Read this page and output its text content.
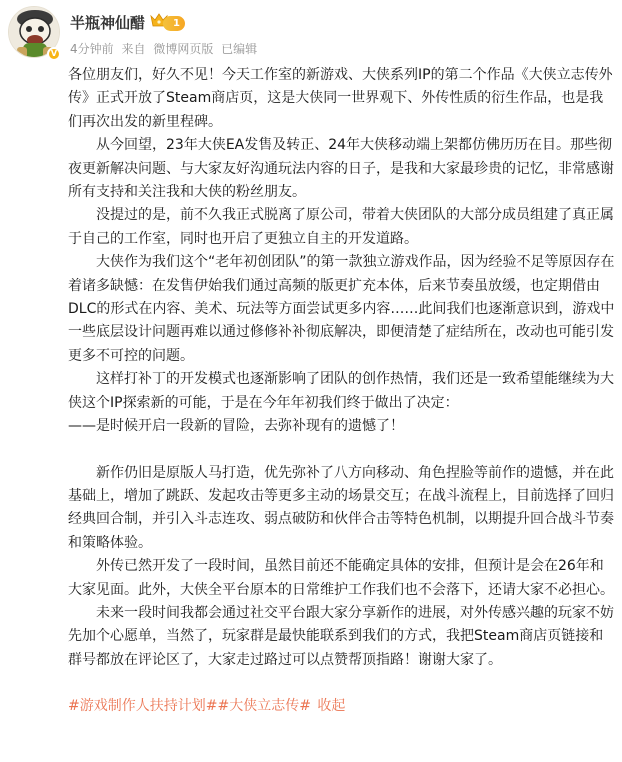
V
半瓶神仙醋	1
4分钟前 来自 微博网页版 已编辑

各位朋友们，好久不见！今天工作室的新游戏、大侠系列IP的第二个作品《大侠立志传外传》正式开放了Steam商店页，这是大侠同一世界观下、外传性质的衍生作品，也是我们再次出发的新里程碑。

从今回望，23年大侠EA发售及转正、24年大侠移动端上架都仿佛历历在目。那些彻夜更新解决问题、与大家友好沟通玩法内容的日子，是我和大家最珍贵的记忆，非常感谢所有支持和关注我和大侠的粉丝朋友。

没提过的是，前不久我正式脱离了原公司，带着大侠团队的大部分成员组建了真正属于自己的工作室，同时也开启了更独立自主的开发道路。

大侠作为我们这个“老年初创团队”的第一款独立游戏作品，因为经验不足等原因存在着诸多缺憾：在发售伊始我们通过高频的版更扩充本体，后来节奏虽放缓，也定期借由DLC的形式在内容、美术、玩法等方面尝试更多内容……此间我们也逐渐意识到，游戏中一些底层设计问题再难以通过修修补补彻底解决，即便清楚了症结所在，改动也可能引发更多不可控的问题。

这样打补丁的开发模式也逐渐影响了团队的创作热情，我们还是一致希望能继续为大侠这个IP探索新的可能，于是在今年年初我们终于做出了决定：

——是时候开启一段新的冒险，去弥补现有的遗憾了！

新作仍旧是原版人马打造，优先弥补了八方向移动、角色捏脸等前作的遗憾，并在此基础上，增加了跳跃、发起攻击等更多主动的场景交互；在战斗流程上，目前选择了回归经典回合制，并引入斗志连攻、弱点破防和伙伴合击等特色机制，以期提升回合战斗节奏和策略体验。

外传已然开发了一段时间，虽然目前还不能确定具体的安排，但预计是会在26年和大家见面。此外，大侠全平台原本的日常维护工作我们也不会落下，还请大家不必担心。

未来一段时间我都会通过社交平台跟大家分享新作的进展，对外传感兴趣的玩家不妨先加个心愿单，当然了，玩家群是最快能联系到我们的方式，我把Steam商店页链接和群号都放在评论区了，大家走过路过可以点赞帮顶指路！谢谢大家了。

#游戏制作人扶持计划##大侠立志传# 收起
